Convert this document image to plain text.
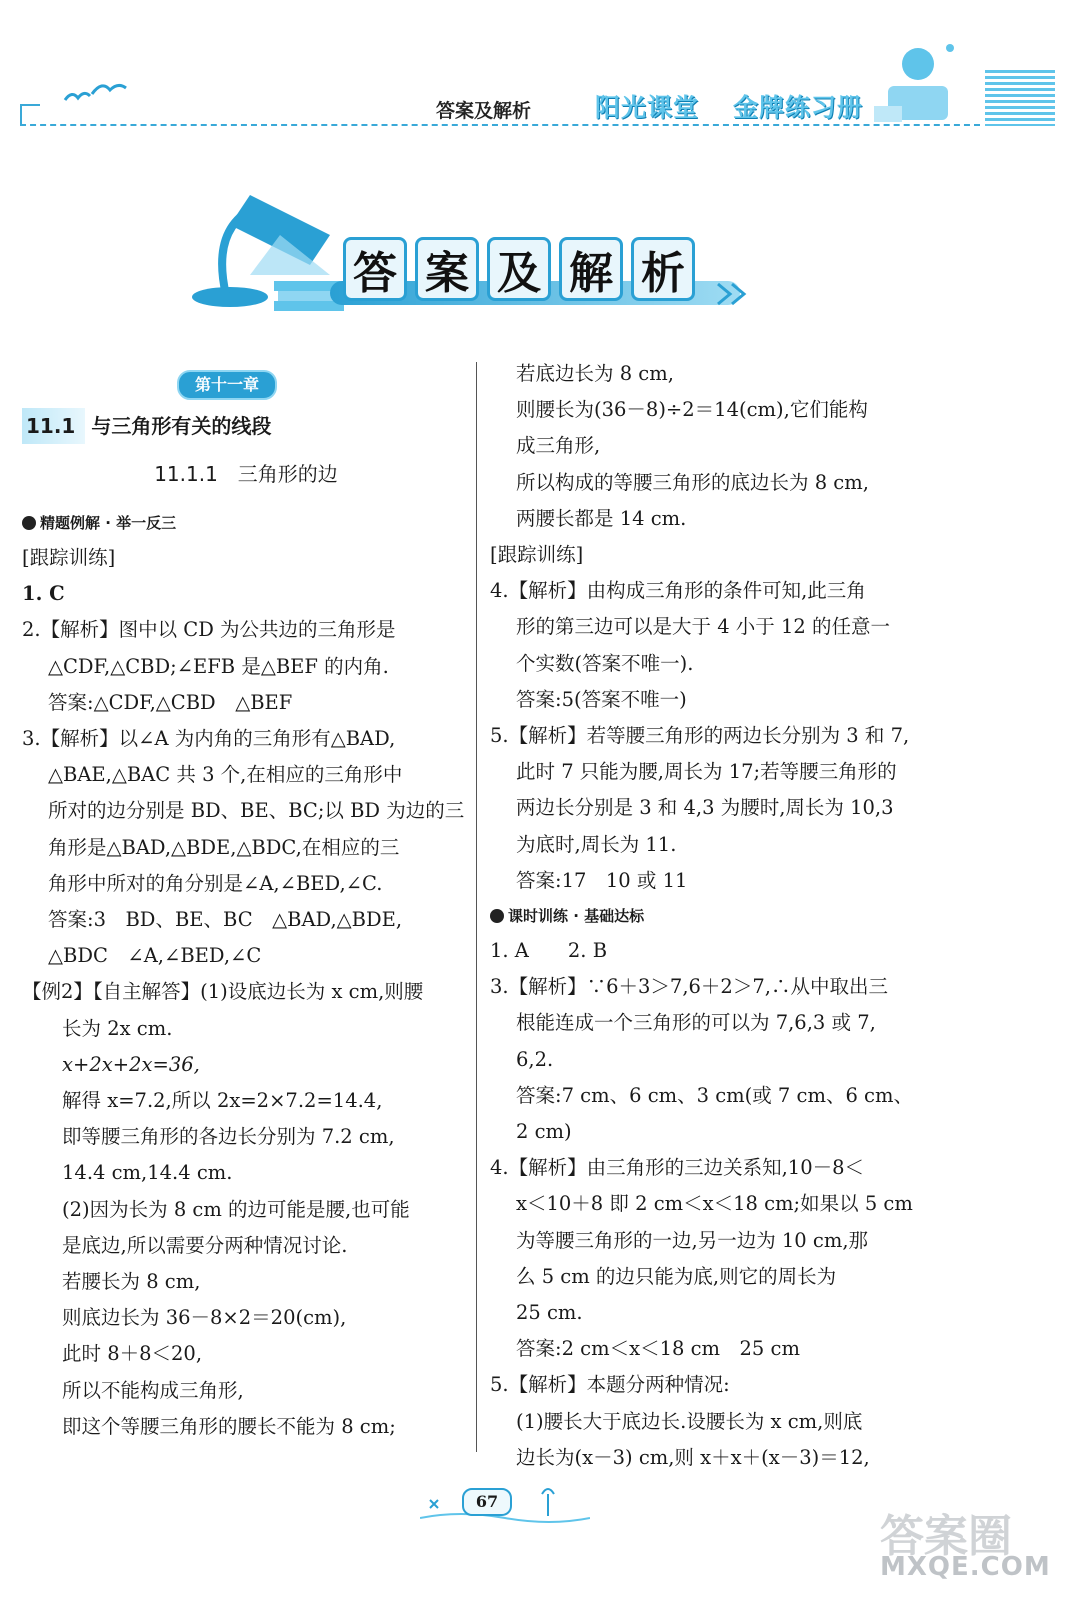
答案及解析	阳光课堂 金牌练习册
答 案 及 解 析
第十一章
11.1 与三角形有关的线段
11.1.1　三角形的边
精题例解 · 举一反三
[跟踪训练]
1. C
2.【解析】图中以 CD 为公共边的三角形是
△CDF,△CBD;∠EFB 是△BEF 的内角.
答案:△CDF,△CBD　△BEF
3.【解析】以∠A 为内角的三角形有△BAD,
△BAE,△BAC 共 3 个,在相应的三角形中
所对的边分别是 BD、BE、BC;以 BD 为边的三
角形是△BAD,△BDE,△BDC,在相应的三
角形中所对的角分别是∠A,∠BED,∠C.
答案:3　BD、BE、BC　△BAD,△BDE,
△BDC　∠A,∠BED,∠C
【例2】【自主解答】(1)设底边长为 x cm,则腰
长为 2x cm.
x+2x+2x=36,
解得 x=7.2,所以 2x=2×7.2=14.4,
即等腰三角形的各边长分别为 7.2 cm,
14.4 cm,14.4 cm.
(2)因为长为 8 cm 的边可能是腰,也可能
是底边,所以需要分两种情况讨论.
若腰长为 8 cm,
则底边长为 36－8×2＝20(cm),
此时 8＋8＜20,
所以不能构成三角形,
即这个等腰三角形的腰长不能为 8 cm;
若底边长为 8 cm,
则腰长为(36－8)÷2＝14(cm),它们能构
成三角形,
所以构成的等腰三角形的底边长为 8 cm,
两腰长都是 14 cm.
[跟踪训练]
4.【解析】由构成三角形的条件可知,此三角
形的第三边可以是大于 4 小于 12 的任意一
个实数(答案不唯一).
答案:5(答案不唯一)
5.【解析】若等腰三角形的两边长分别为 3 和 7,
此时 7 只能为腰,周长为 17;若等腰三角形的
两边长分别是 3 和 4,3 为腰时,周长为 10,3
为底时,周长为 11.
答案:17　10 或 11
课时训练 · 基础达标
1. A　　2. B
3.【解析】∵6＋3＞7,6＋2＞7,∴从中取出三
根能连成一个三角形的可以为 7,6,3 或 7,
6,2.
答案:7 cm、6 cm、3 cm(或 7 cm、6 cm、
2 cm)
4.【解析】由三角形的三边关系知,10－8＜
x＜10＋8 即 2 cm＜x＜18 cm;如果以 5 cm
为等腰三角形的一边,另一边为 10 cm,那
么 5 cm 的边只能为底,则它的周长为
25 cm.
答案:2 cm＜x＜18 cm　25 cm
5.【解析】本题分两种情况:
(1)腰长大于底边长.设腰长为 x cm,则底
边长为(x－3) cm,则 x＋x＋(x－3)＝12,
67
答案圈
MXQE.COM
